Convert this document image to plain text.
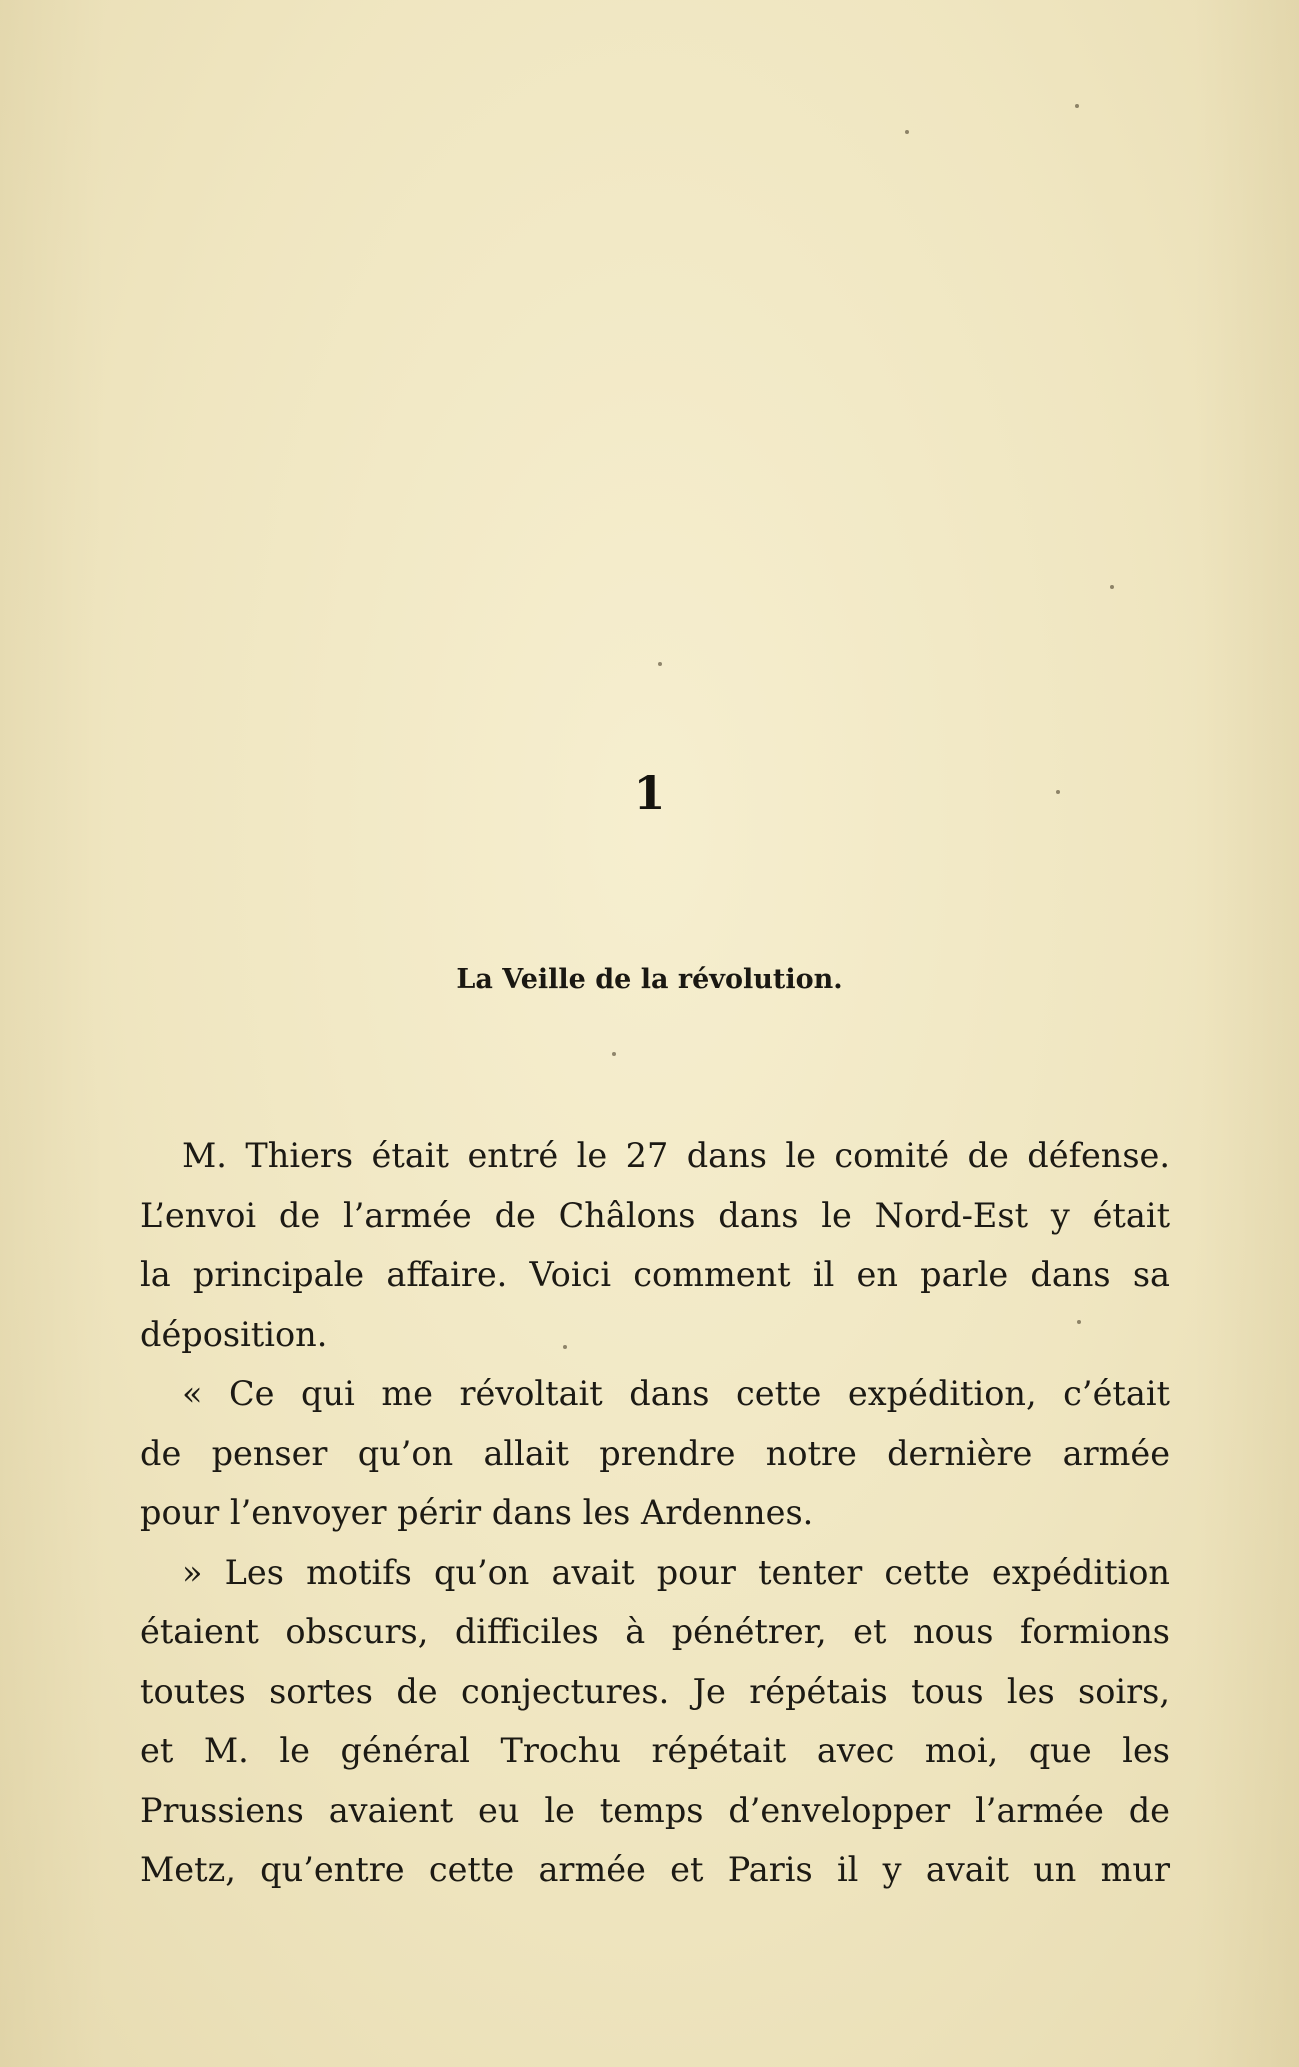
1
La Veille de la révolution.
M. Thiers était entré le 27 dans le comité de défense.
L’envoi de l’armée de Châlons dans le Nord-Est y était
la principale affaire. Voici comment il en parle dans sa
déposition.
« Ce qui me révoltait dans cette expédition, c’était
de penser qu’on allait prendre notre dernière armée
pour l’envoyer périr dans les Ardennes.
» Les motifs qu’on avait pour tenter cette expédition
étaient obscurs, difficiles à pénétrer, et nous formions
toutes sortes de conjectures. Je répétais tous les soirs,
et M. le général Trochu répétait avec moi, que les
Prussiens avaient eu le temps d’envelopper l’armée de
Metz, qu’entre cette armée et Paris il y avait un mur
